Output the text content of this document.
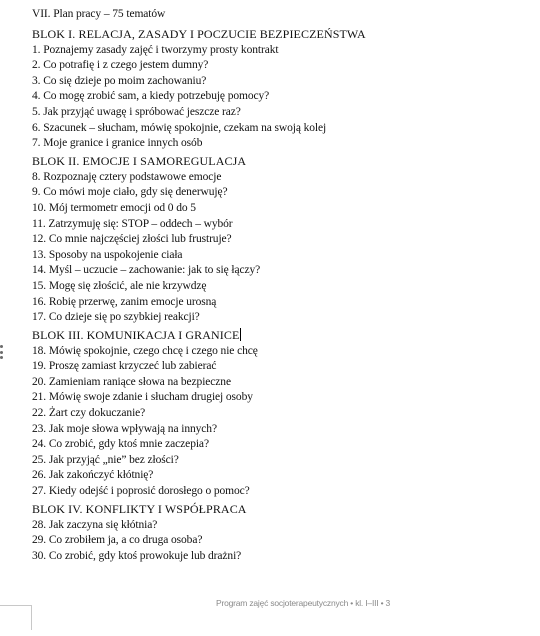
VII. Plan pracy – 75 tematów
BLOK I. RELACJA, ZASADY I POCZUCIE BEZPIECZEŃSTWA
1. Poznajemy zasady zajęć i tworzymy prosty kontrakt
2. Co potrafię i z czego jestem dumny?
3. Co się dzieje po moim zachowaniu?
4. Co mogę zrobić sam, a kiedy potrzebuję pomocy?
5. Jak przyjąć uwagę i spróbować jeszcze raz?
6. Szacunek – słucham, mówię spokojnie, czekam na swoją kolej
7. Moje granice i granice innych osób
BLOK II. EMOCJE I SAMOREGULACJA
8. Rozpoznaję cztery podstawowe emocje
9. Co mówi moje ciało, gdy się denerwuję?
10. Mój termometr emocji od 0 do 5
11. Zatrzymuję się: STOP – oddech – wybór
12. Co mnie najczęściej złości lub frustruje?
13. Sposoby na uspokojenie ciała
14. Myśl – uczucie – zachowanie: jak to się łączy?
15. Mogę się złościć, ale nie krzywdzę
16. Robię przerwę, zanim emocje urosną
17. Co dzieje się po szybkiej reakcji?
BLOK III. KOMUNIKACJA I GRANICE
18. Mówię spokojnie, czego chcę i czego nie chcę
19. Proszę zamiast krzyczeć lub zabierać
20. Zamieniam raniące słowa na bezpieczne
21. Mówię swoje zdanie i słucham drugiej osoby
22. Żart czy dokuczanie?
23. Jak moje słowa wpływają na innych?
24. Co zrobić, gdy ktoś mnie zaczepia?
25. Jak przyjąć „nie” bez złości?
26. Jak zakończyć kłótnię?
27. Kiedy odejść i poprosić dorosłego o pomoc?
BLOK IV. KONFLIKTY I WSPÓŁPRACA
28. Jak zaczyna się kłótnia?
29. Co zrobiłem ja, a co druga osoba?
30. Co zrobić, gdy ktoś prowokuje lub drażni?
Program zajęć socjoterapeutycznych • kl. I–III • 3
